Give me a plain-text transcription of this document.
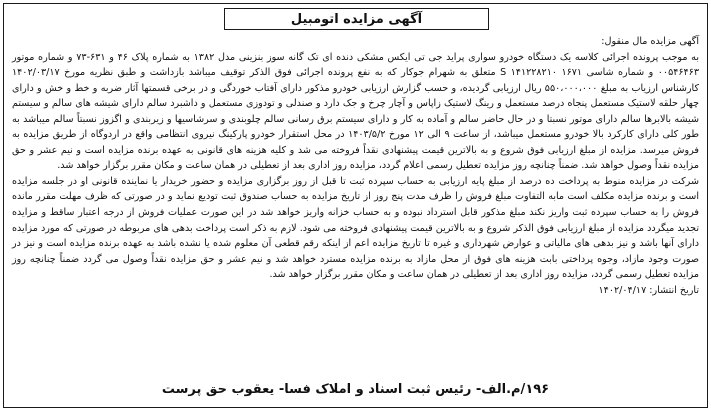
آگهی مزایده اتومبیل

آگهی مزایده مال منقول:

به موجب پرونده اجرائی کلاسه یک دستگاه خودرو سواری پراید جی تی ایکس مشکی دنده ای تک گانه سوز بنزینی مدل ۱۳۸۲ به شماره پلاک ۴۶ و ۶۳۱-۷۳ و شماره موتور ۰۰۵۴۶۴۶۳ و شماره شاسی S ۱۴۱۲۲۸۲۱۰ ۱۶۷۱ متعلق به شهرام جوکار که به نفع پرونده اجرائی فوق الذکر توقیف میباشد بازداشت و طبق نظریه مورخ ۱۴۰۲/۰۳/۱۷ کارشناس ارزیاب به مبلغ ۵۵۰،۰۰۰،۰۰۰ ریال ارزیابی گردیده، و حسب گزارش ارزیابی خودرو مذکور دارای آفتاب خوردگی و در برخی قسمتها آثار ضربه و خط و خش و دارای چهار حلقه لاستیک مستعمل پنجاه درصد مستعمل و رینگ لاستیک زاپاس و آچار چرخ و جک دارد و صندلی و تودوزی مستعمل و داشبرد سالم دارای شیشه های سالم و سیستم شیشه بالابرها سالم دارای موتور نسبتا و در حال حاضر سالم و آماده به کار و دارای سیستم برق رسانی سالم چلوبندی و سرشاسیها و زیربندی و اگزوز نسبتاً سالم میباشد به طور کلی دارای کارکرد بالا خودرو مستعمل میباشد، از ساعت ۹ الی ۱۲ مورخ ۱۴۰۳/۵/۲ در محل استقرار خودرو پارکینگ نیروی انتظامی واقع در اردوگاه از طریق مزایده به فروش میرسد. مزایده از مبلغ ارزیابی فوق شروع و به بالاترین قیمت پیشنهادی نقداً فروخته می شد و کلیه هزینه های قانونی به عهده برنده مزایده است و نیم عشر و حق مزایده نقداً وصول خواهد شد. ضمناً چنانچه روز مزایده تعطیل رسمی اعلام گردد، مزایده روز اداری بعد از تعطیلی در همان ساعت و مکان مقرر برگزار خواهد شد.

شرکت در مزایده منوط به پرداخت ده درصد از مبلغ پایه ارزیابی به حساب سپرده ثبت تا قبل از روز برگزاری مزایده و حضور خریدار یا نماینده قانونی او در جلسه مزایده است و برنده مزایده مکلف است مابه التفاوت مبلغ فروش را ظرف مدت پنج روز از تاریخ مزایده به حساب صندوق ثبت تودیع نماید و در صورتی که ظرف مهلت مقرر مانده فروش را به حساب سپرده ثبت واریز نکند مبلغ مذکور قابل استرداد نبوده و به حساب خزانه واریز خواهد شد در این صورت عملیات فروش از درجه اعتبار ساقط و مزایده تجدید میگردد مزایده از مبلغ ارزیابی فوق الذکر شروع و به بالاترین قیمت پیشنهادی فروخته می شود. لازم به ذکر است پرداخت بدهی های مربوطه در صورتی که مورد مزایده دارای آنها باشد و نیز بدهی های مالیاتی و عوارض شهرداری و غیره تا تاریخ مزایده اعم از اینکه رقم قطعی آن معلوم شده یا نشده باشد به عهده برنده مزایده است و نیز در صورت وجود مازاد، وجوه پرداختی بابت هزینه های فوق از محل مازاد به برنده مزایده مسترد خواهد شد و نیم عشر و حق مزایده نقداً وصول می گردد ضمناً چنانچه روز مزایده تعطیل رسمی گردد، مزایده روز اداری بعد از تعطیلی در همان ساعت و مکان مقرر برگزار خواهد شد.

تاریخ انتشار: ۱۴۰۲/۰۴/۱۷

۱۹۶/م.الف- رئیس ثبت اسناد و املاک فسا- یعقوب حق پرست
